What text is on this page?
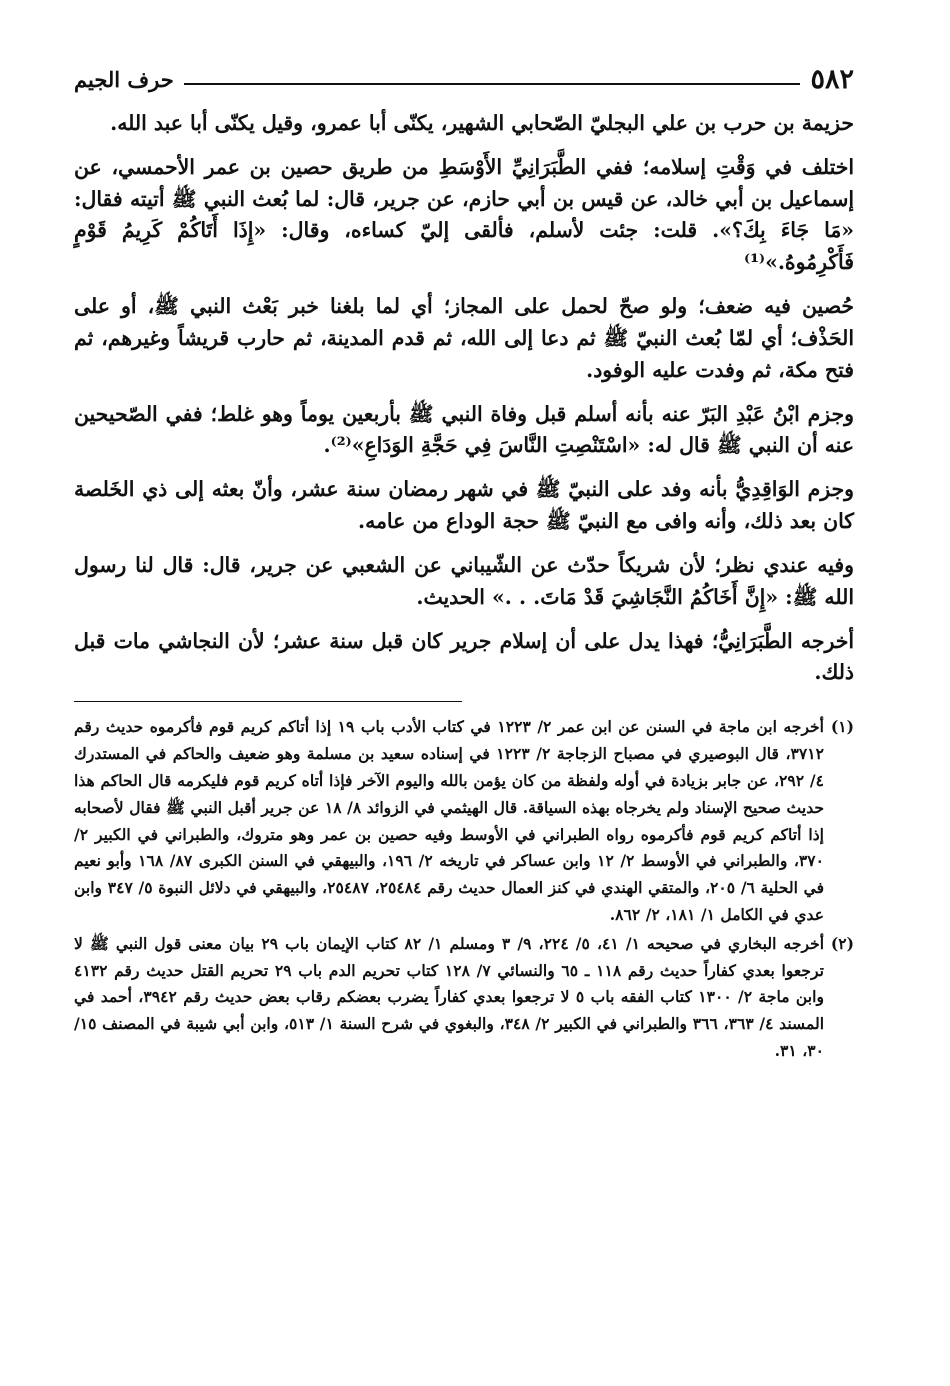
٥٨٢
حرف الجيم

حزيمة بن حرب بن علي البجليّ الصّحابي الشهير، يكنّى أبا عمرو، وقيل يكنّى أبا عبد الله.

اختلف في وَقْتِ إسلامه؛ ففي الطَّبَرَانِيِّ الأَوْسَطِ من طريق حصين بن عمر الأحمسي، عن إسماعيل بن أبي خالد، عن قيس بن أبي حازم، عن جرير، قال: لما بُعث النبي ﷺ أتيته فقال: «مَا جَاءَ بِكَ؟». قلت: جئت لأسلم، فألقى إليّ كساءه، وقال: «إِذَا أَتَاكُمْ كَرِيمُ قَوْمٍ فَأَكْرِمُوهُ.»⁽¹⁾

حُصين فيه ضعف؛ ولو صحّ لحمل على المجاز؛ أي لما بلغنا خبر بَعْث النبي ﷺ، أو على الحَذْف؛ أي لمّا بُعث النبيّ ﷺ ثم دعا إلى الله، ثم قدم المدينة، ثم حارب قريشاً وغيرهم، ثم فتح مكة، ثم وفدت عليه الوفود.

وجزم ابْنُ عَبْدِ البَرّ عنه بأنه أسلم قبل وفاة النبي ﷺ بأربعين يوماً وهو غلط؛ ففي الصّحيحين عنه أن النبي ﷺ قال له: «اسْتَنْصِتِ النَّاسَ فِي حَجَّةِ الوَدَاعِ»⁽²⁾.

وجزم الوَاقِدِيُّ بأنه وفد على النبيّ ﷺ في شهر رمضان سنة عشر، وأنّ بعثه إلى ذي الخَلصة كان بعد ذلك، وأنه وافى مع النبيّ ﷺ حجة الوداع من عامه.

وفيه عندي نظر؛ لأن شريكاً حدّث عن الشّيباني عن الشعبي عن جرير، قال: قال لنا رسول الله ﷺ: «إِنَّ أَخَاكُمُ النَّجَاشِيَ قَدْ مَاتَ. . .» الحديث.

أخرجه الطَّبَرَانِيُّ؛ فهذا يدل على أن إسلام جرير كان قبل سنة عشر؛ لأن النجاشي مات قبل ذلك.

(١)
أخرجه ابن ماجة في السنن عن ابن عمر ٢/ ١٢٢٣ في كتاب الأدب باب ١٩ إذا أتاكم كريم قوم فأكرموه حديث رقم ٣٧١٢، قال البوصيري في مصباح الزجاجة ٢/ ١٢٢٣ في إسناده سعيد بن مسلمة وهو ضعيف والحاكم في المستدرك ٤/ ٢٩٢، عن جابر بزيادة في أوله ولفظة من كان يؤمن بالله واليوم الآخر فإذا أتاه كريم قوم فليكرمه قال الحاكم هذا حديث صحيح الإسناد ولم يخرجاه بهذه السياقة. قال الهيثمي في الزوائد ٨/ ١٨ عن جرير أقبل النبي ﷺ فقال لأصحابه إذا أتاكم كريم قوم فأكرموه رواه الطبراني في الأوسط وفيه حصين بن عمر وهو متروك، والطبراني في الكبير ٢/ ٣٧٠، والطبراني في الأوسط ٢/ ١٢ وابن عساكر في تاريخه ٢/ ١٩٦، والبيهقي في السنن الكبرى ٨٧/ ١٦٨ وأبو نعيم في الحلية ٦/ ٢٠٥، والمتقي الهندي في كنز العمال حديث رقم ٢٥٤٨٤، ٢٥٤٨٧، والبيهقي في دلائل النبوة ٥/ ٣٤٧ وابن عدي في الكامل ١/ ١٨١، ٢/ ٨٦٢.
(٢)
أخرجه البخاري في صحيحه ١/ ٤١، ٥/ ٢٢٤، ٩/ ٣ ومسلم ١/ ٨٢ كتاب الإيمان باب ٢٩ بيان معنى قول النبي ﷺ لا ترجعوا بعدي كفاراً حديث رقم ١١٨ ـ ٦٥ والنسائي ٧/ ١٢٨ كتاب تحريم الدم باب ٢٩ تحريم القتل حديث رقم ٤١٣٢ وابن ماجة ٢/ ١٣٠٠ كتاب الفقه باب ٥ لا ترجعوا بعدي كفاراً يضرب بعضكم رقاب بعض حديث رقم ٣٩٤٢، أحمد في المسند ٤/ ٣٦٣، ٣٦٦ والطبراني في الكبير ٢/ ٣٤٨، والبغوي في شرح السنة ١/ ٥١٣، وابن أبي شيبة في المصنف ١٥/ ٣٠، ٣١.
